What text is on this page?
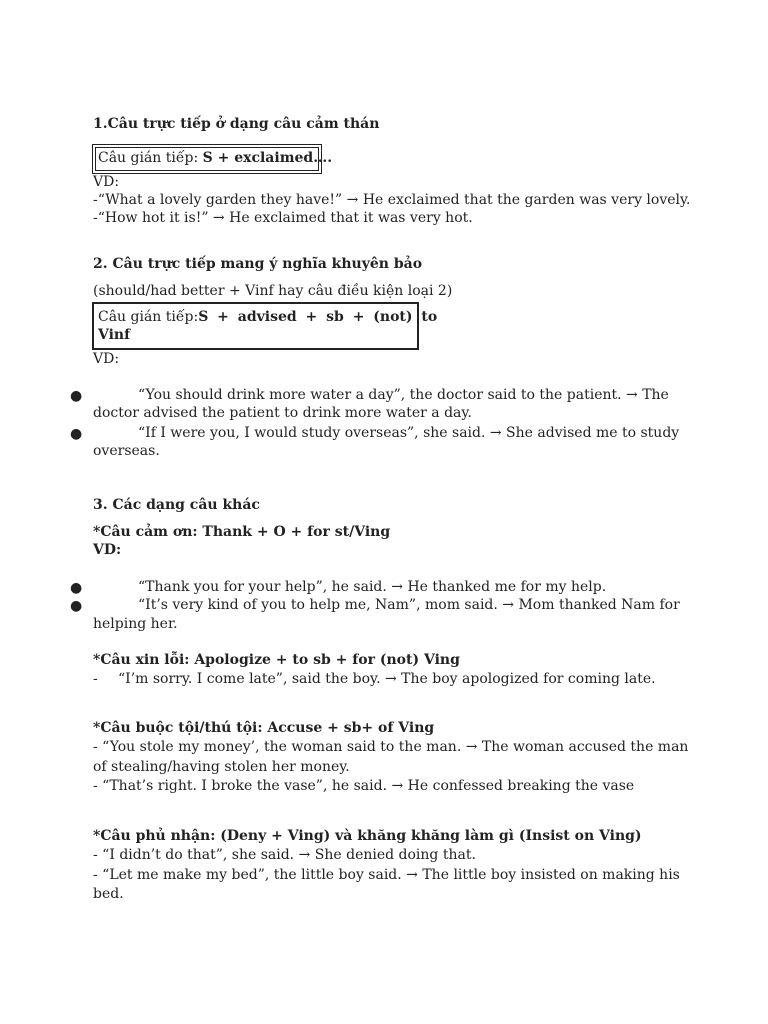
1.Câu trực tiếp ở dạng câu cảm thán
Câu gián tiếp: S + exclaimed….
VD:
-“What a lovely garden they have!” → He exclaimed that the garden was very lovely.
-“How hot it is!” → He exclaimed that it was very hot.
2. Câu trực tiếp mang ý nghĩa khuyên bảo
(should/had better + Vinf hay câu điều kiện loại 2)
Câu gián tiếp: S + advised + sb + (not) to
Vinf
VD:
●	“You should drink more water a day”, the doctor said to the patient. → The
doctor advised the patient to drink more water a day.
●	“If I were you, I would study overseas”, she said. → She advised me to study
overseas.
3. Các dạng câu khác
*Câu cảm ơn: Thank + O + for st/Ving
VD:
●	“Thank you for your help”, he said. → He thanked me for my help.
●	“It’s very kind of you to help me, Nam”, mom said. → Mom thanked Nam for
helping her.
*Câu xin lỗi: Apologize + to sb + for (not) Ving
- “I’m sorry. I come late”, said the boy. → The boy apologized for coming late.
*Câu buộc tội/thú tội: Accuse + sb+ of Ving
- “You stole my money’, the woman said to the man. → The woman accused the man
of stealing/having stolen her money.
- “That’s right. I broke the vase”, he said. → He confessed breaking the vase
*Câu phủ nhận: (Deny + Ving) và khăng khăng làm gì (Insist on Ving)
- “I didn’t do that”, she said. → She denied doing that.
- “Let me make my bed”, the little boy said. → The little boy insisted on making his
bed.
